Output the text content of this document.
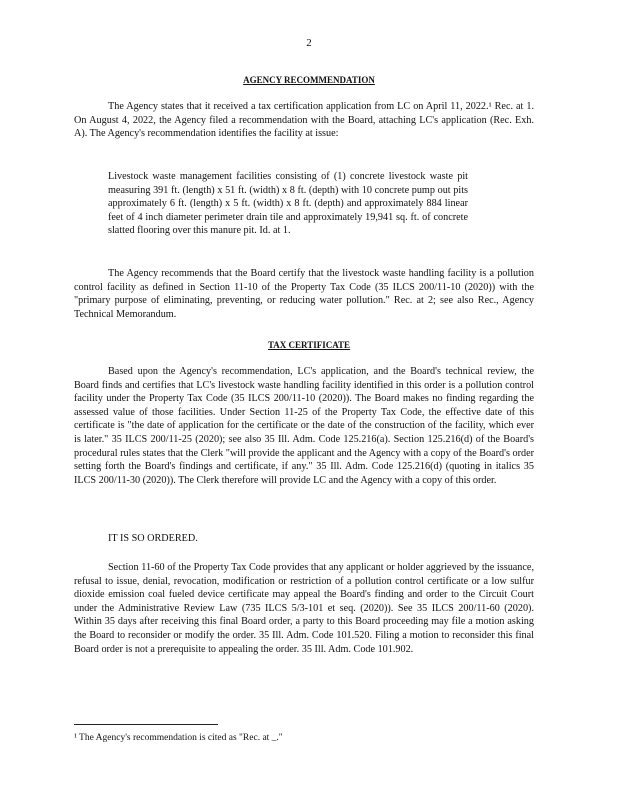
2
AGENCY RECOMMENDATION

The Agency states that it received a tax certification application from LC on April 11, 2022.¹ Rec. at 1. On August 4, 2022, the Agency filed a recommendation with the Board, attaching LC's application (Rec. Exh. A). The Agency's recommendation identifies the facility at issue:

Livestock waste management facilities consisting of (1) concrete livestock waste pit measuring 391 ft. (length) x 51 ft. (width) x 8 ft. (depth) with 10 concrete pump out pits approximately 6 ft. (length) x 5 ft. (width) x 8 ft. (depth) and approximately 884 linear feet of 4 inch diameter perimeter drain tile and approximately 19,941 sq. ft. of concrete slatted flooring over this manure pit. Id. at 1.

The Agency recommends that the Board certify that the livestock waste handling facility is a pollution control facility as defined in Section 11-10 of the Property Tax Code (35 ILCS 200/11-10 (2020)) with the "primary purpose of eliminating, preventing, or reducing water pollution." Rec. at 2; see also Rec., Agency Technical Memorandum.

TAX CERTIFICATE

Based upon the Agency's recommendation, LC's application, and the Board's technical review, the Board finds and certifies that LC's livestock waste handling facility identified in this order is a pollution control facility under the Property Tax Code (35 ILCS 200/11-10 (2020)). The Board makes no finding regarding the assessed value of those facilities. Under Section 11-25 of the Property Tax Code, the effective date of this certificate is "the date of application for the certificate or the date of the construction of the facility, which ever is later." 35 ILCS 200/11-25 (2020); see also 35 Ill. Adm. Code 125.216(a). Section 125.216(d) of the Board's procedural rules states that the Clerk "will provide the applicant and the Agency with a copy of the Board's order setting forth the Board's findings and certificate, if any." 35 Ill. Adm. Code 125.216(d) (quoting in italics 35 ILCS 200/11-30 (2020)). The Clerk therefore will provide LC and the Agency with a copy of this order.

IT IS SO ORDERED.

Section 11-60 of the Property Tax Code provides that any applicant or holder aggrieved by the issuance, refusal to issue, denial, revocation, modification or restriction of a pollution control certificate or a low sulfur dioxide emission coal fueled device certificate may appeal the Board's finding and order to the Circuit Court under the Administrative Review Law (735 ILCS 5/3-101 et seq. (2020)). See 35 ILCS 200/11-60 (2020). Within 35 days after receiving this final Board order, a party to this Board proceeding may file a motion asking the Board to reconsider or modify the order. 35 Ill. Adm. Code 101.520. Filing a motion to reconsider this final Board order is not a prerequisite to appealing the order. 35 Ill. Adm. Code 101.902.

¹ The Agency's recommendation is cited as "Rec. at _."
